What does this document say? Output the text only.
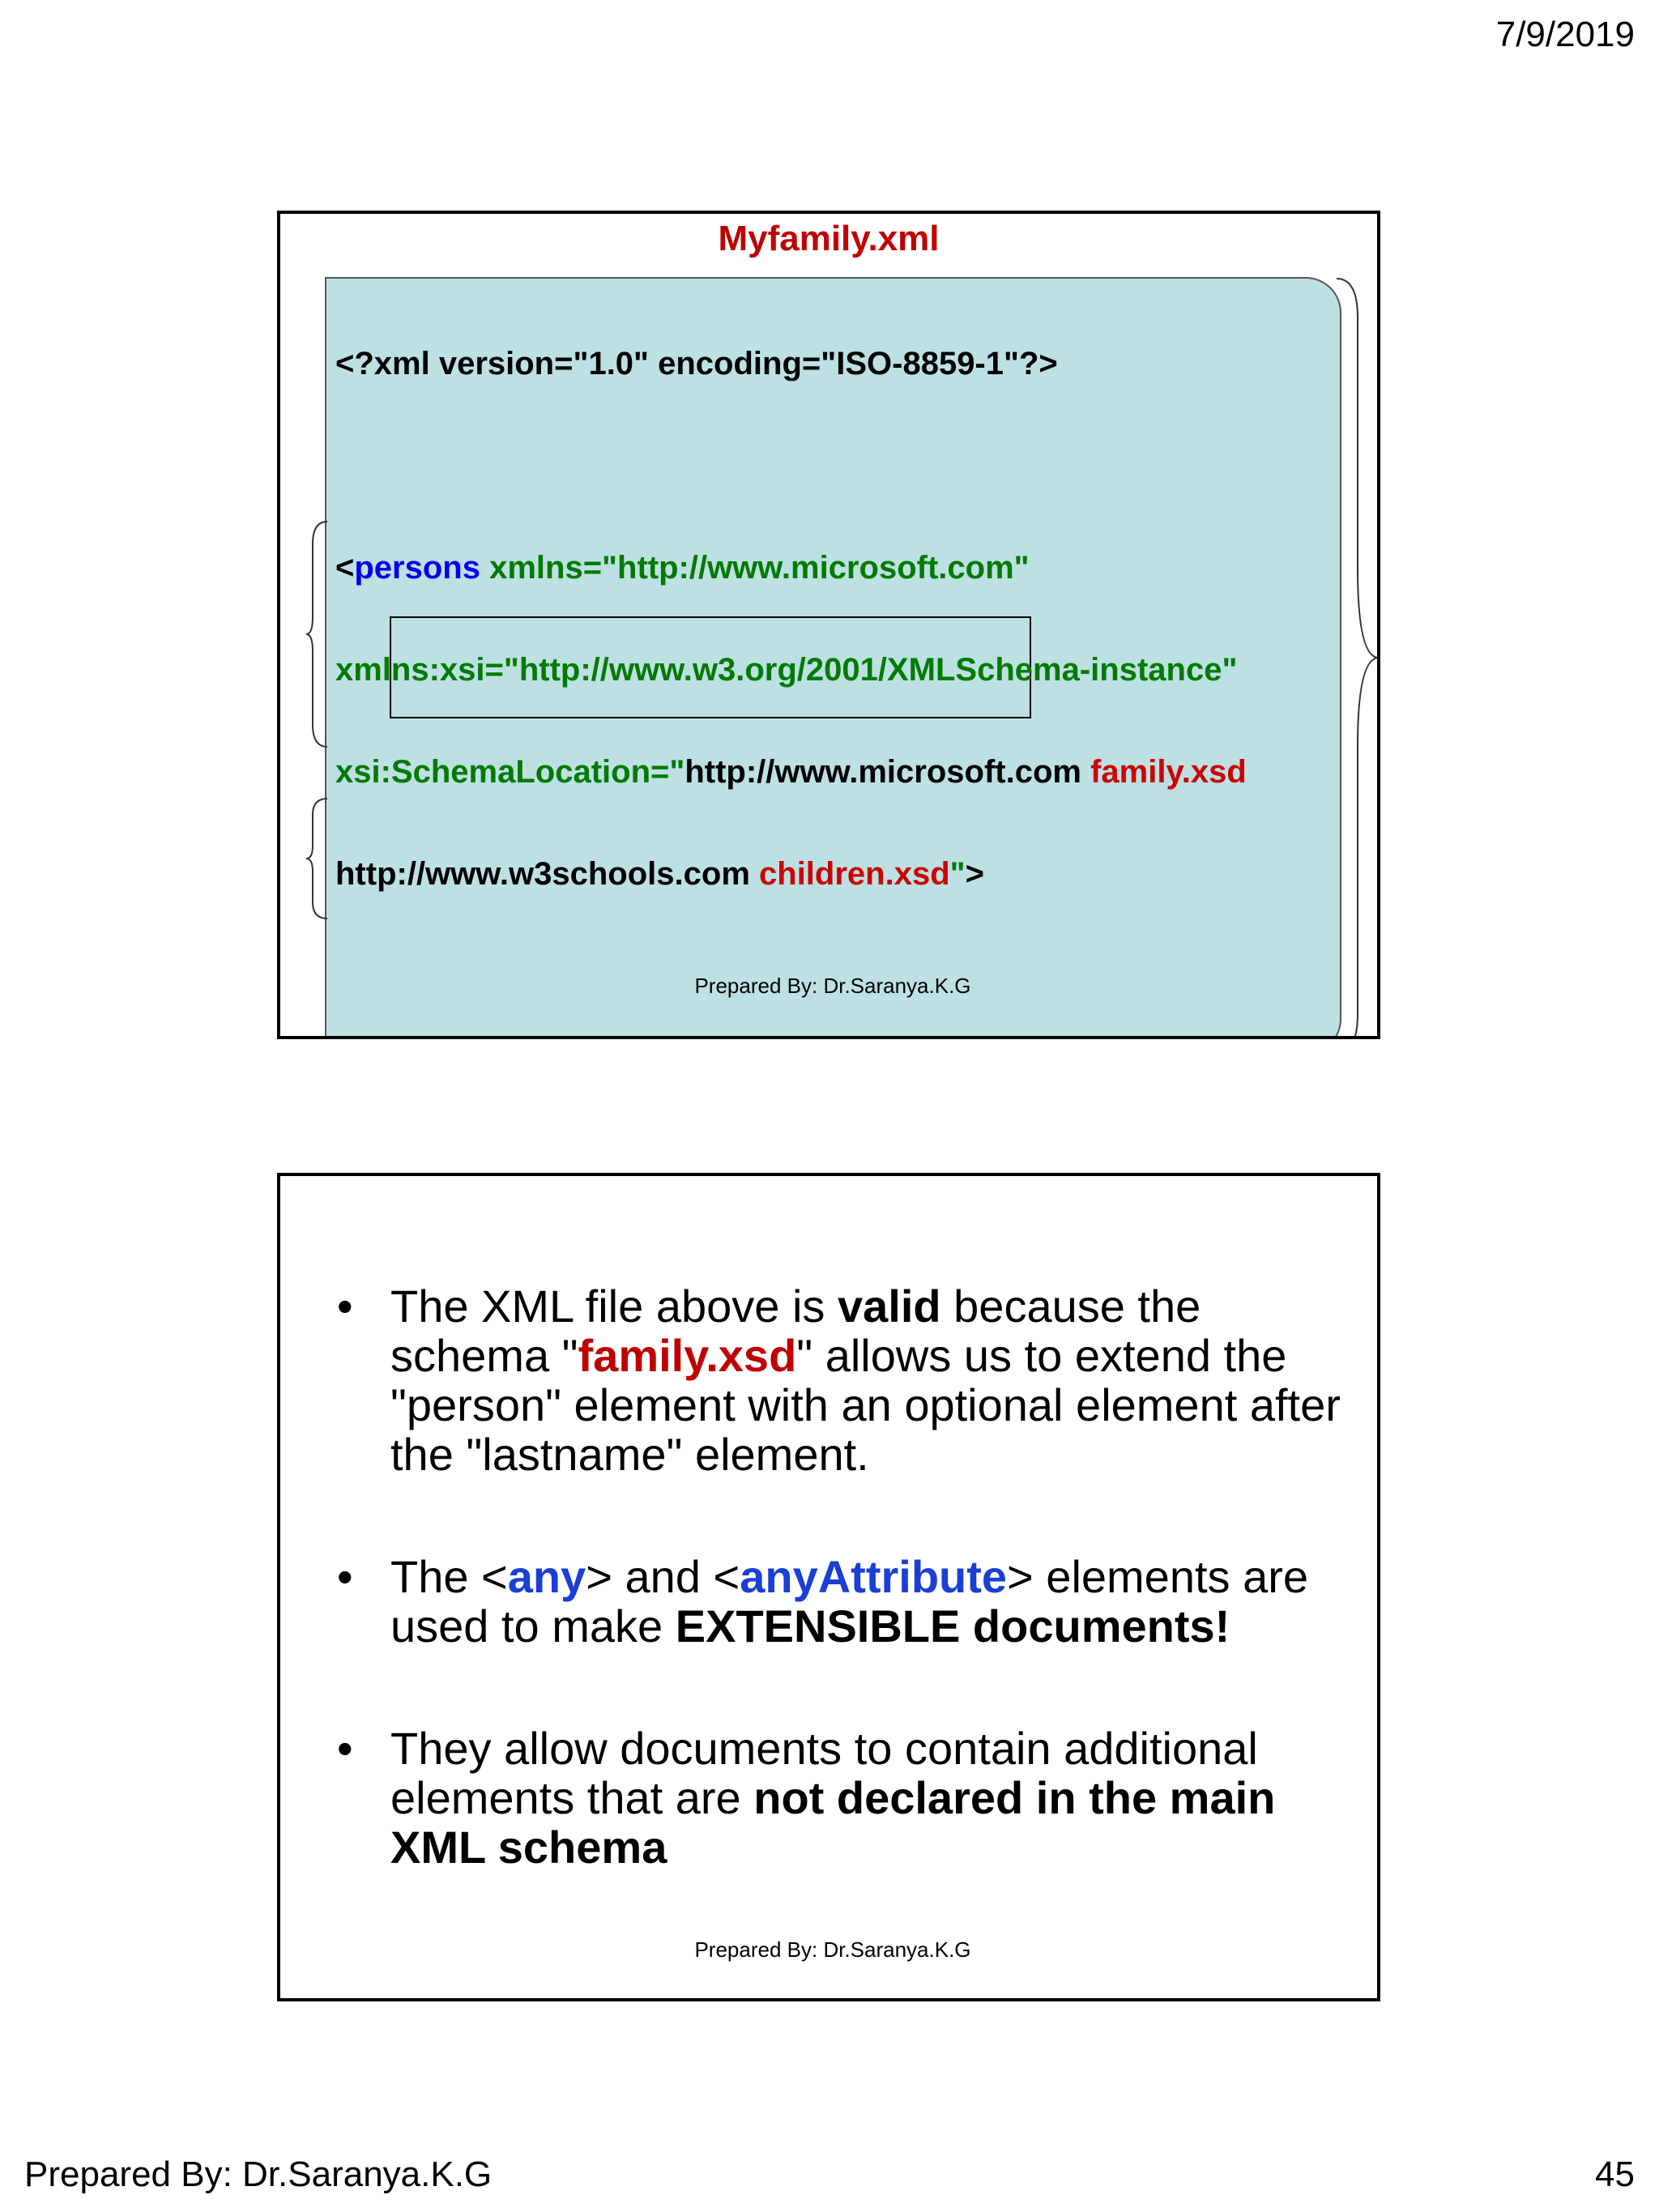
7/9/2019
Myfamily.xml

<?xml version="1.0" encoding="ISO-8859-1"?>

<persons xmlns="http://www.microsoft.com"

xmlns:xsi="http://www.w3.org/2001/XMLSchema-instance"

xsi:SchemaLocation="http://www.microsoft.com family.xsd

http://www.w3schools.com children.xsd">

Prepared By: Dr.Saranya.K.G
• The XML file above is valid because the schema "family.xsd" allows us to extend the "person" element with an optional element after the "lastname" element.
• The <any> and <anyAttribute> elements are used to make EXTENSIBLE documents!
• They allow documents to contain additional elements that are not declared in the main XML schema
Prepared By: Dr.Saranya.K.G
Prepared By: Dr.Saranya.K.G	45
